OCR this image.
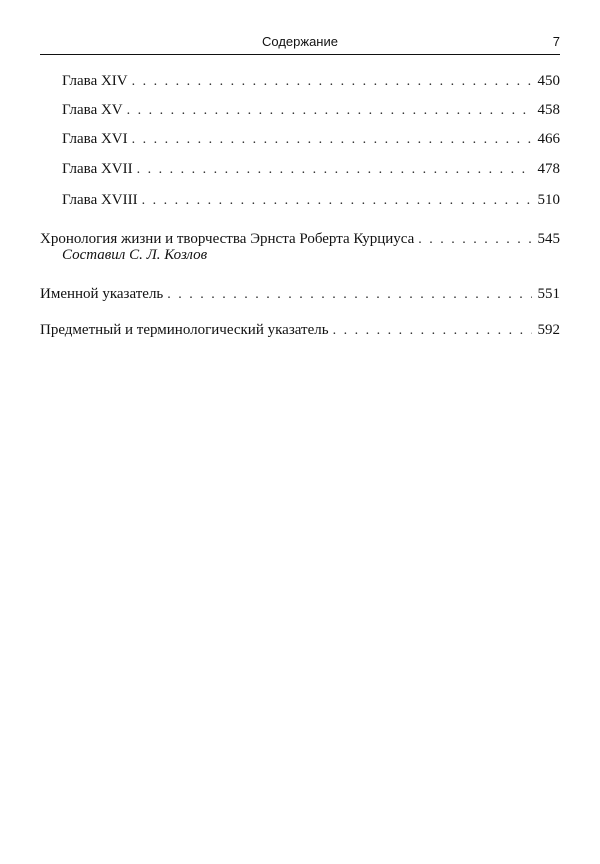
Содержание	7
Глава XIV . . .	450
Глава XV . . .	458
Глава XVI . . .	466
Глава XVII . . .	478
Глава XVIII . . .	510
Хронология жизни и творчества Эрнста Роберта Курциуса . . .	545
Составил С. Л. Козлов
Именной указатель . . .	551
Предметный и терминологический указатель . . .	592
